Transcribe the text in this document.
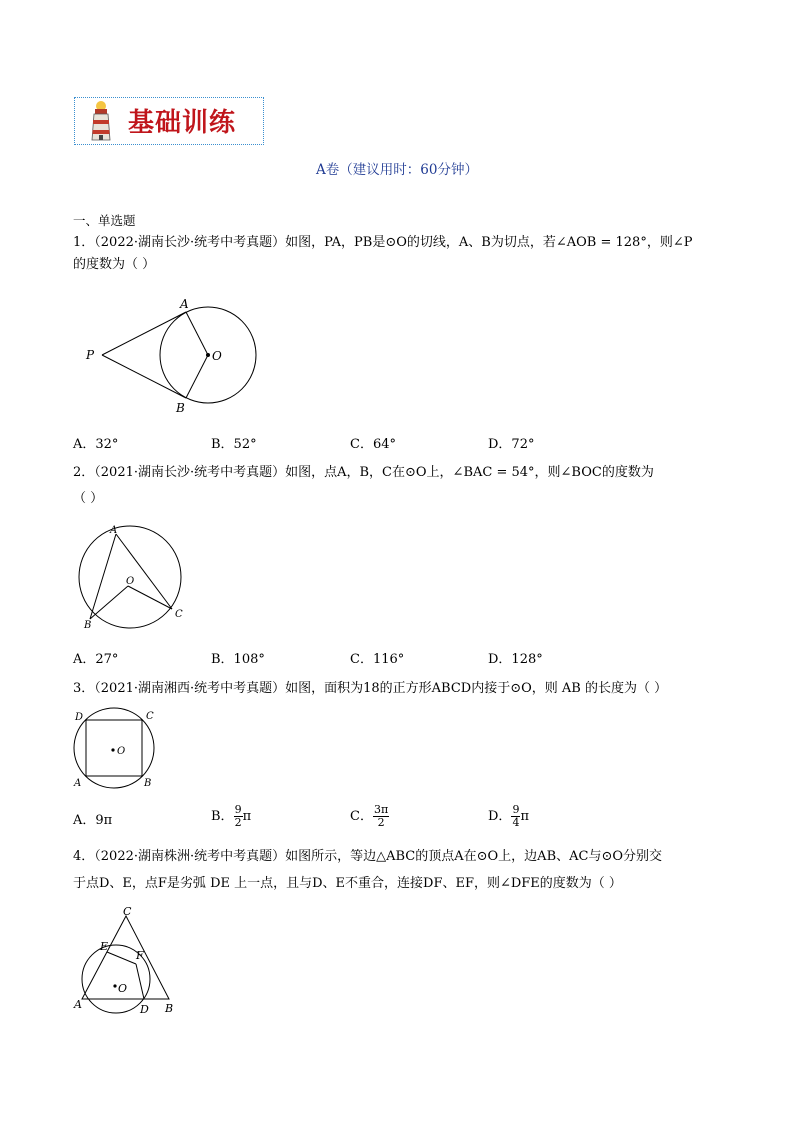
基础训练
A卷（建议用时：60分钟）
一、单选题
1．（2022·湖南长沙·统考中考真题）如图，PA，PB是⊙O的切线，A、B为切点，若∠AOB = 128°，则∠P
的度数为（ ）
A
B
O
P
A．32°	B．52°	C．64°	D．72°
2．（2021·湖南长沙·统考中考真题）如图，点A，B，C在⊙O上，∠BAC = 54°，则∠BOC的度数为
（ ）
A
B
C
O
A．27°	B．108°	C．116°	D．128°
3．（2021·湖南湘西·统考中考真题）如图，面积为18的正方形ABCD内接于⊙O，则 AB 的长度为（ ）
D	C
A	B
O
A．9π	B． $\frac{9}{2}$ π	C． $\frac{3\pi}{2}$	D． $\frac{9}{4}$ π
4．（2022·湖南株洲·统考中考真题）如图所示，等边△ABC的顶点A在⊙O上，边AB、AC与⊙O分别交
于点D、E，点F是劣弧 DE 上一点，且与D、E不重合，连接DF、EF，则∠DFE的度数为（ ）
C
E
F
A	D B
O
